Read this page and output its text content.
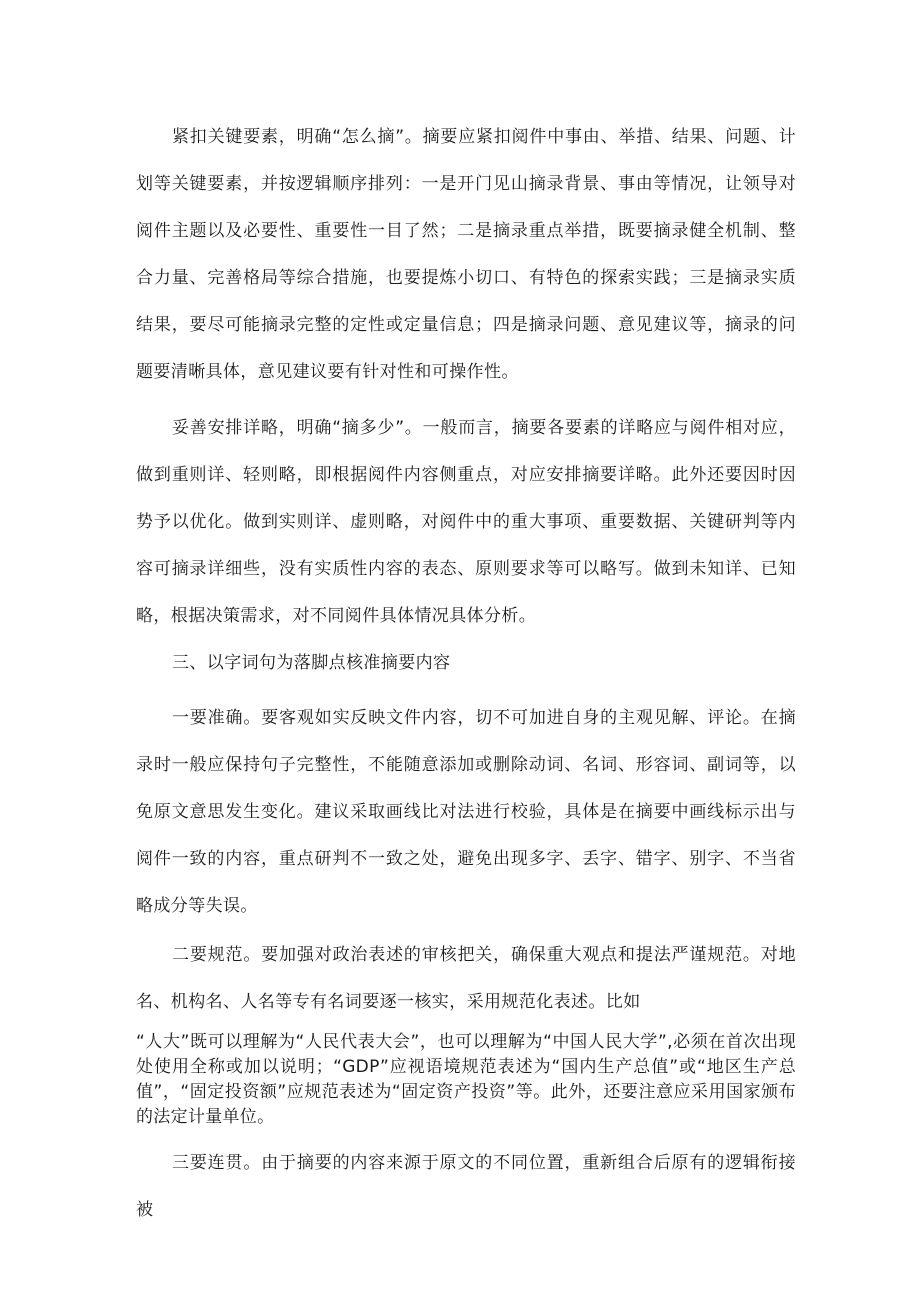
紧扣关键要素，明确“怎么摘”。摘要应紧扣阅件中事由、举措、结果、问题、计划等关键要素，并按逻辑顺序排列：一是开门见山摘录背景、事由等情况，让领导对阅件主题以及必要性、重要性一目了然；二是摘录重点举措，既要摘录健全机制、整合力量、完善格局等综合措施，也要提炼小切口、有特色的探索实践；三是摘录实质结果，要尽可能摘录完整的定性或定量信息；四是摘录问题、意见建议等，摘录的问题要清晰具体，意见建议要有针对性和可操作性。

妥善安排详略，明确“摘多少”。一般而言，摘要各要素的详略应与阅件相对应，做到重则详、轻则略，即根据阅件内容侧重点，对应安排摘要详略。此外还要因时因势予以优化。做到实则详、虚则略，对阅件中的重大事项、重要数据、关键研判等内容可摘录详细些，没有实质性内容的表态、原则要求等可以略写。做到未知详、已知略，根据决策需求，对不同阅件具体情况具体分析。

三、以字词句为落脚点核准摘要内容

一要准确。要客观如实反映文件内容，切不可加进自身的主观见解、评论。在摘录时一般应保持句子完整性，不能随意添加或删除动词、名词、形容词、副词等，以免原文意思发生变化。建议采取画线比对法进行校验，具体是在摘要中画线标示出与阅件一致的内容，重点研判不一致之处，避免出现多字、丢字、错字、别字、不当省略成分等失误。

二要规范。要加强对政治表述的审核把关，确保重大观点和提法严谨规范。对地名、机构名、人名等专有名词要逐一核实，采用规范化表述。比如

“人大”既可以理解为“人民代表大会”，也可以理解为“中国人民大学”,必须在首次出现处使用全称或加以说明；“GDP”应视语境规范表述为“国内生产总值”或“地区生产总值”，“固定投资额”应规范表述为“固定资产投资”等。此外，还要注意应采用国家颁布的法定计量单位。

三要连贯。由于摘要的内容来源于原文的不同位置，重新组合后原有的逻辑衔接被
